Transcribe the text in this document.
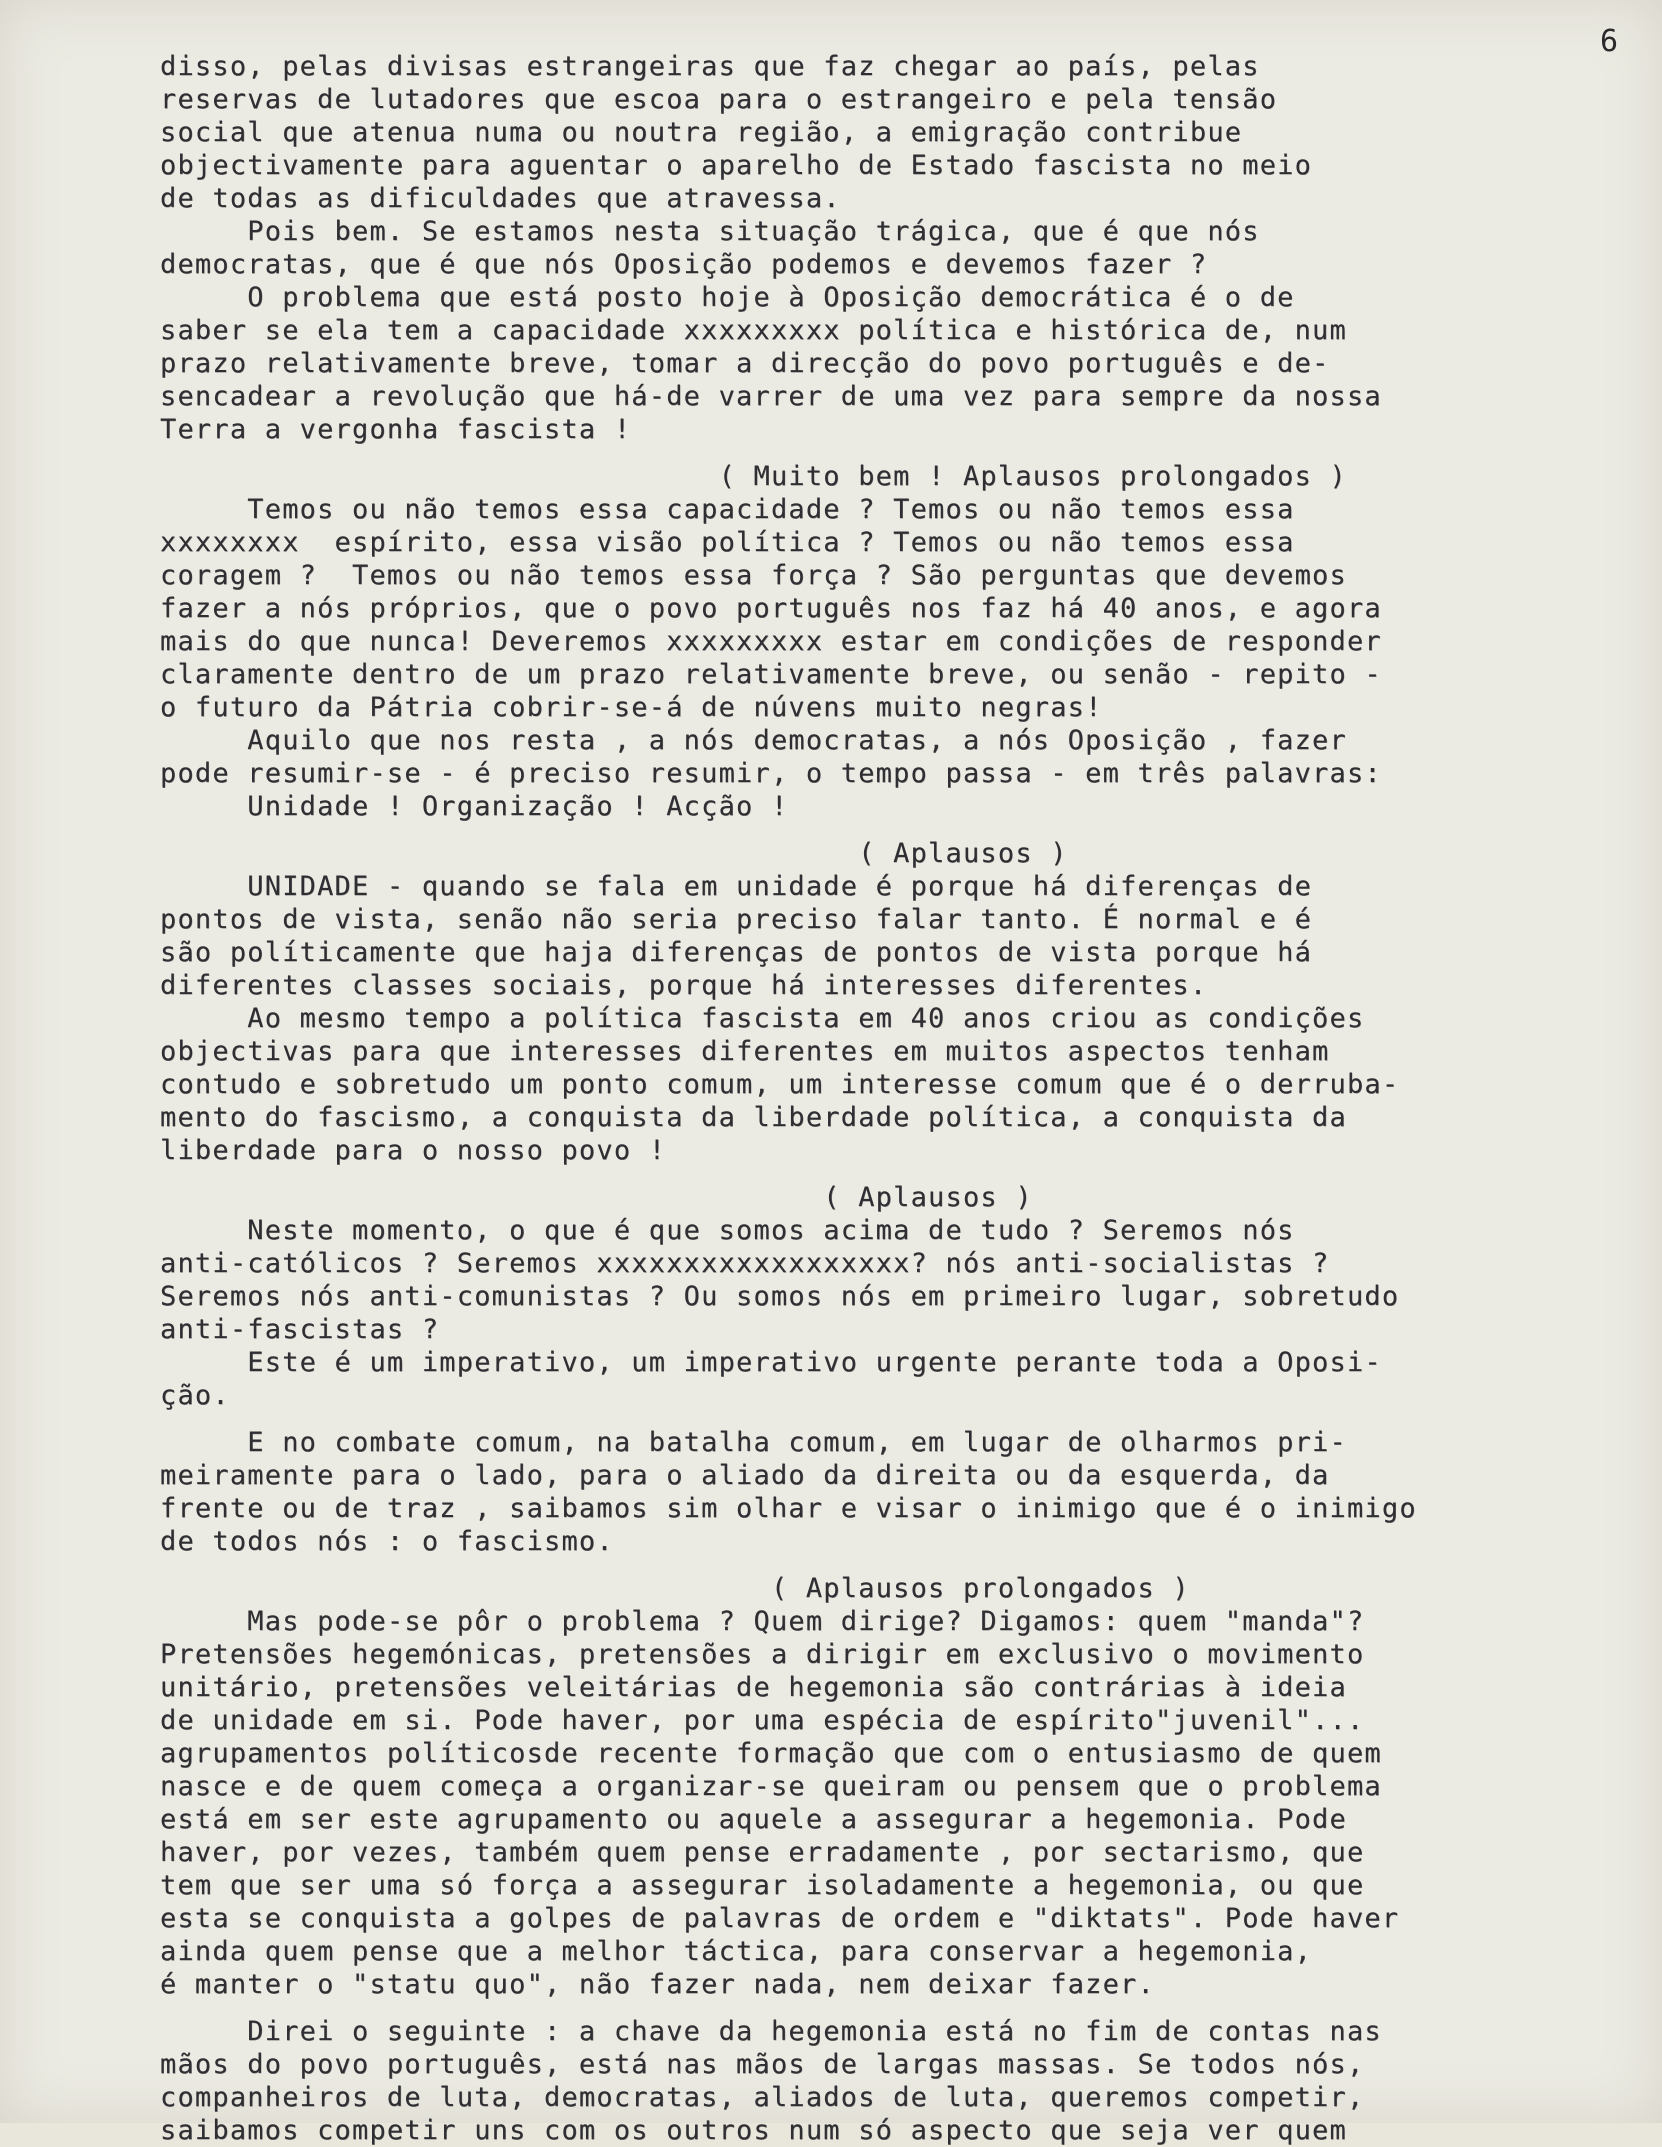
6
disso, pelas divisas estrangeiras que faz chegar ao país, pelas
reservas de lutadores que escoa para o estrangeiro e pela tensão
social que atenua numa ou noutra região, a emigração contribue
objectivamente para aguentar o aparelho de Estado fascista no meio
de todas as dificuldades que atravessa.
Pois bem. Se estamos nesta situação trágica, que é que nós
democratas, que é que nós Oposição podemos e devemos fazer ?
O problema que está posto hoje à Oposição democrática é o de
saber se ela tem a capacidade xxxxxxxxx política e histórica de, num
prazo relativamente breve, tomar a direcção do povo português e de-
sencadear a revolução que há-de varrer de uma vez para sempre da nossa
Terra a vergonha fascista !
( Muito bem ! Aplausos prolongados )
Temos ou não temos essa capacidade ? Temos ou não temos essa
xxxxxxxx  espírito, essa visão política ? Temos ou não temos essa
coragem ?  Temos ou não temos essa força ? São perguntas que devemos
fazer a nós próprios, que o povo português nos faz há 40 anos, e agora
mais do que nunca! Deveremos xxxxxxxxx estar em condições de responder
claramente dentro de um prazo relativamente breve, ou senão - repito -
o futuro da Pátria cobrir-se-á de núvens muito negras!
Aquilo que nos resta , a nós democratas, a nós Oposição , fazer
pode resumir-se - é preciso resumir, o tempo passa - em três palavras:
Unidade ! Organização ! Acção !
( Aplausos )
UNIDADE - quando se fala em unidade é porque há diferenças de
pontos de vista, senão não seria preciso falar tanto. É normal e é
são políticamente que haja diferenças de pontos de vista porque há
diferentes classes sociais, porque há interesses diferentes.
Ao mesmo tempo a política fascista em 40 anos criou as condições
objectivas para que interesses diferentes em muitos aspectos tenham
contudo e sobretudo um ponto comum, um interesse comum que é o derruba-
mento do fascismo, a conquista da liberdade política, a conquista da
liberdade para o nosso povo !
( Aplausos )
Neste momento, o que é que somos acima de tudo ? Seremos nós
anti-católicos ? Seremos xxxxxxxxxxxxxxxxxx? nós anti-socialistas ?
Seremos nós anti-comunistas ? Ou somos nós em primeiro lugar, sobretudo
anti-fascistas ?
Este é um imperativo, um imperativo urgente perante toda a Oposi-
ção.
E no combate comum, na batalha comum, em lugar de olharmos pri-
meiramente para o lado, para o aliado da direita ou da esquerda, da
frente ou de traz , saibamos sim olhar e visar o inimigo que é o inimigo
de todos nós : o fascismo.
( Aplausos prolongados )
Mas pode-se pôr o problema ? Quem dirige? Digamos: quem "manda"?
Pretensões hegemónicas, pretensões a dirigir em exclusivo o movimento
unitário, pretensões veleitárias de hegemonia são contrárias à ideia
de unidade em si. Pode haver, por uma espécia de espírito"juvenil"...
agrupamentos políticosde recente formação que com o entusiasmo de quem
nasce e de quem começa a organizar-se queiram ou pensem que o problema
está em ser este agrupamento ou aquele a assegurar a hegemonia. Pode
haver, por vezes, também quem pense erradamente , por sectarismo, que
tem que ser uma só força a assegurar isoladamente a hegemonia, ou que
esta se conquista a golpes de palavras de ordem e "diktats". Pode haver
ainda quem pense que a melhor táctica, para conservar a hegemonia,
é manter o "statu quo", não fazer nada, nem deixar fazer.
Direi o seguinte : a chave da hegemonia está no fim de contas nas
mãos do povo português, está nas mãos de largas massas. Se todos nós,
companheiros de luta, democratas, aliados de luta, queremos competir,
saibamos competir uns com os outros num só aspecto que seja ver quem
